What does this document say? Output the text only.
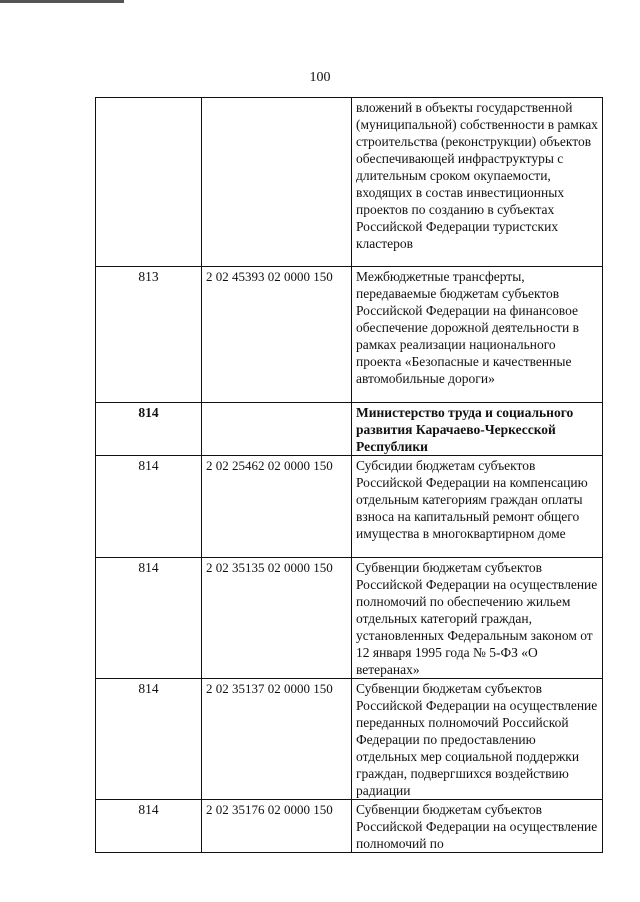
100
		вложений в объекты государственной (муниципальной) собственности в рамках строительства (реконструкции) объектов обеспечивающей инфраструктуры с длительным сроком окупаемости, входящих в состав инвестиционных проектов по созданию в субъектах Российской Федерации туристских кластеров
813	2 02 45393 02 0000 150	Межбюджетные трансферты, передаваемые бюджетам субъектов Российской Федерации на финансовое обеспечение дорожной деятельности в рамках реализации национального проекта «Безопасные и качественные автомобильные дороги»
814		Министерство труда и социального развития Карачаево-Черкесской Республики
814	2 02 25462 02 0000 150	Субсидии бюджетам субъектов Российской Федерации на компенсацию отдельным категориям граждан оплаты взноса на капитальный ремонт общего имущества в многоквартирном доме
814	2 02 35135 02 0000 150	Субвенции бюджетам субъектов Российской Федерации на осуществление полномочий по обеспечению жильем отдельных категорий граждан, установленных Федеральным законом от 12 января 1995 года № 5-ФЗ «О ветеранах»
814	2 02 35137 02 0000 150	Субвенции бюджетам субъектов Российской Федерации на осуществление переданных полномочий Российской Федерации по предоставлению отдельных мер социальной поддержки граждан, подвергшихся воздействию радиации
814	2 02 35176 02 0000 150	Субвенции бюджетам субъектов Российской Федерации на осуществление полномочий по
